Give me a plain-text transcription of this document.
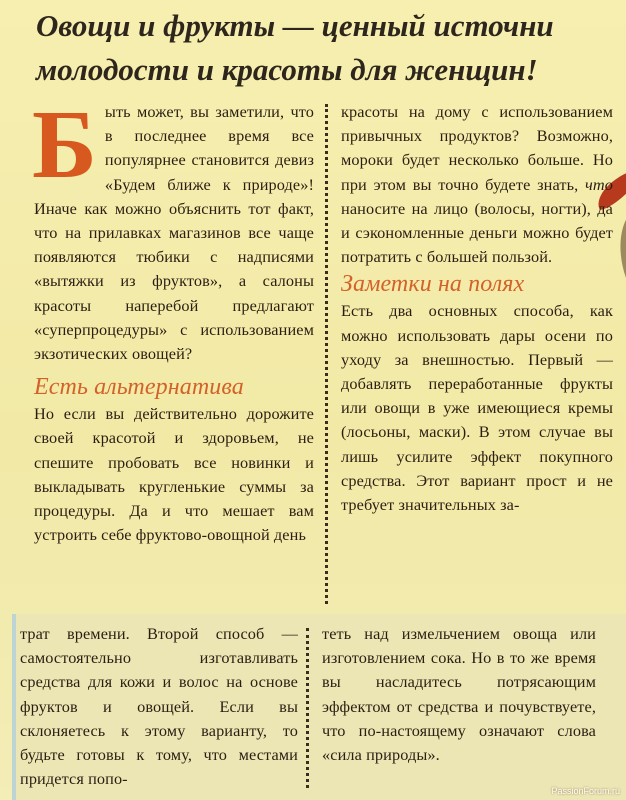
Овощи и фрукты — ценный источни
молодости и красоты для женщин!
Б ыть может, вы заметили, что в последнее время все популярнее становится девиз «Будем ближе к природе»! Иначе как можно объяснить тот факт, что на прилавках магазинов все чаще появляются тюбики с надписями «вытяжки из фруктов», а салоны красоты наперебой предлагают «суперпроцедуры» с использованием экзотических овощей?

Есть альтернатива

Но если вы действительно дорожите своей красотой и здоровьем, не спешите пробовать все новинки и выкладывать кругленькие суммы за процедуры. Да и что мешает вам устроить себе фруктово-овощной день

красоты на дому с использованием привычных продуктов? Возможно, мороки будет несколько больше. Но при этом вы точно будете знать, что наносите на лицо (волосы, ногти), да и сэкономленные деньги можно будет потратить с большей пользой.

Заметки на полях

Есть два основных способа, как можно использовать дары осени по уходу за внешностью. Первый — добавлять переработанные фрукты или овощи в уже имеющиеся кремы (лосьоны, маски). В этом случае вы лишь усилите эффект покупного средства. Этот вариант прост и не требует значительных за-

трат времени. Второй способ — самостоятельно изготавливать средства для кожи и волос на основе фруктов и овощей. Если вы склоняетесь к этому варианту, то будьте готовы к тому, что местами придется попо-

теть над измельчением овоща или изготовлением сока. Но в то же время вы насладитесь потрясающим эффектом от средства и почувствуете, что по-настоящему означают слова «сила природы».

PassionForum.ru
